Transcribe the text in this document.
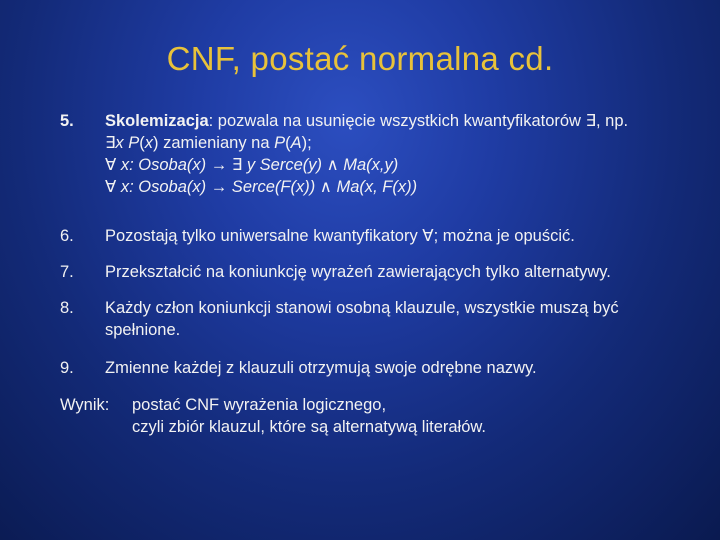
CNF, postać normalna cd.
5. Skolemizacja: pozwala na usunięcie wszystkich kwantyfikatorów ∃, np.
∃x P(x) zamieniany na P(A);
∀ x: Osoba(x) → ∃ y Serce(y) ∧ Ma(x,y)
∀ x: Osoba(x) → Serce(F(x)) ∧ Ma(x, F(x))
6. Pozostają tylko uniwersalne kwantyfikatory ∀; można je opuścić.
7. Przekształcić na koniunkcję wyrażeń zawierających tylko alternatywy.
8. Każdy człon koniunkcji stanowi osobną klauzule, wszystkie muszą być
spełnione.
9. Zmienne każdej z klauzuli otrzymują swoje odrębne nazwy.
Wynik: postać CNF wyrażenia logicznego,
czyli zbiór klauzul, które są alternatywą literałów.
